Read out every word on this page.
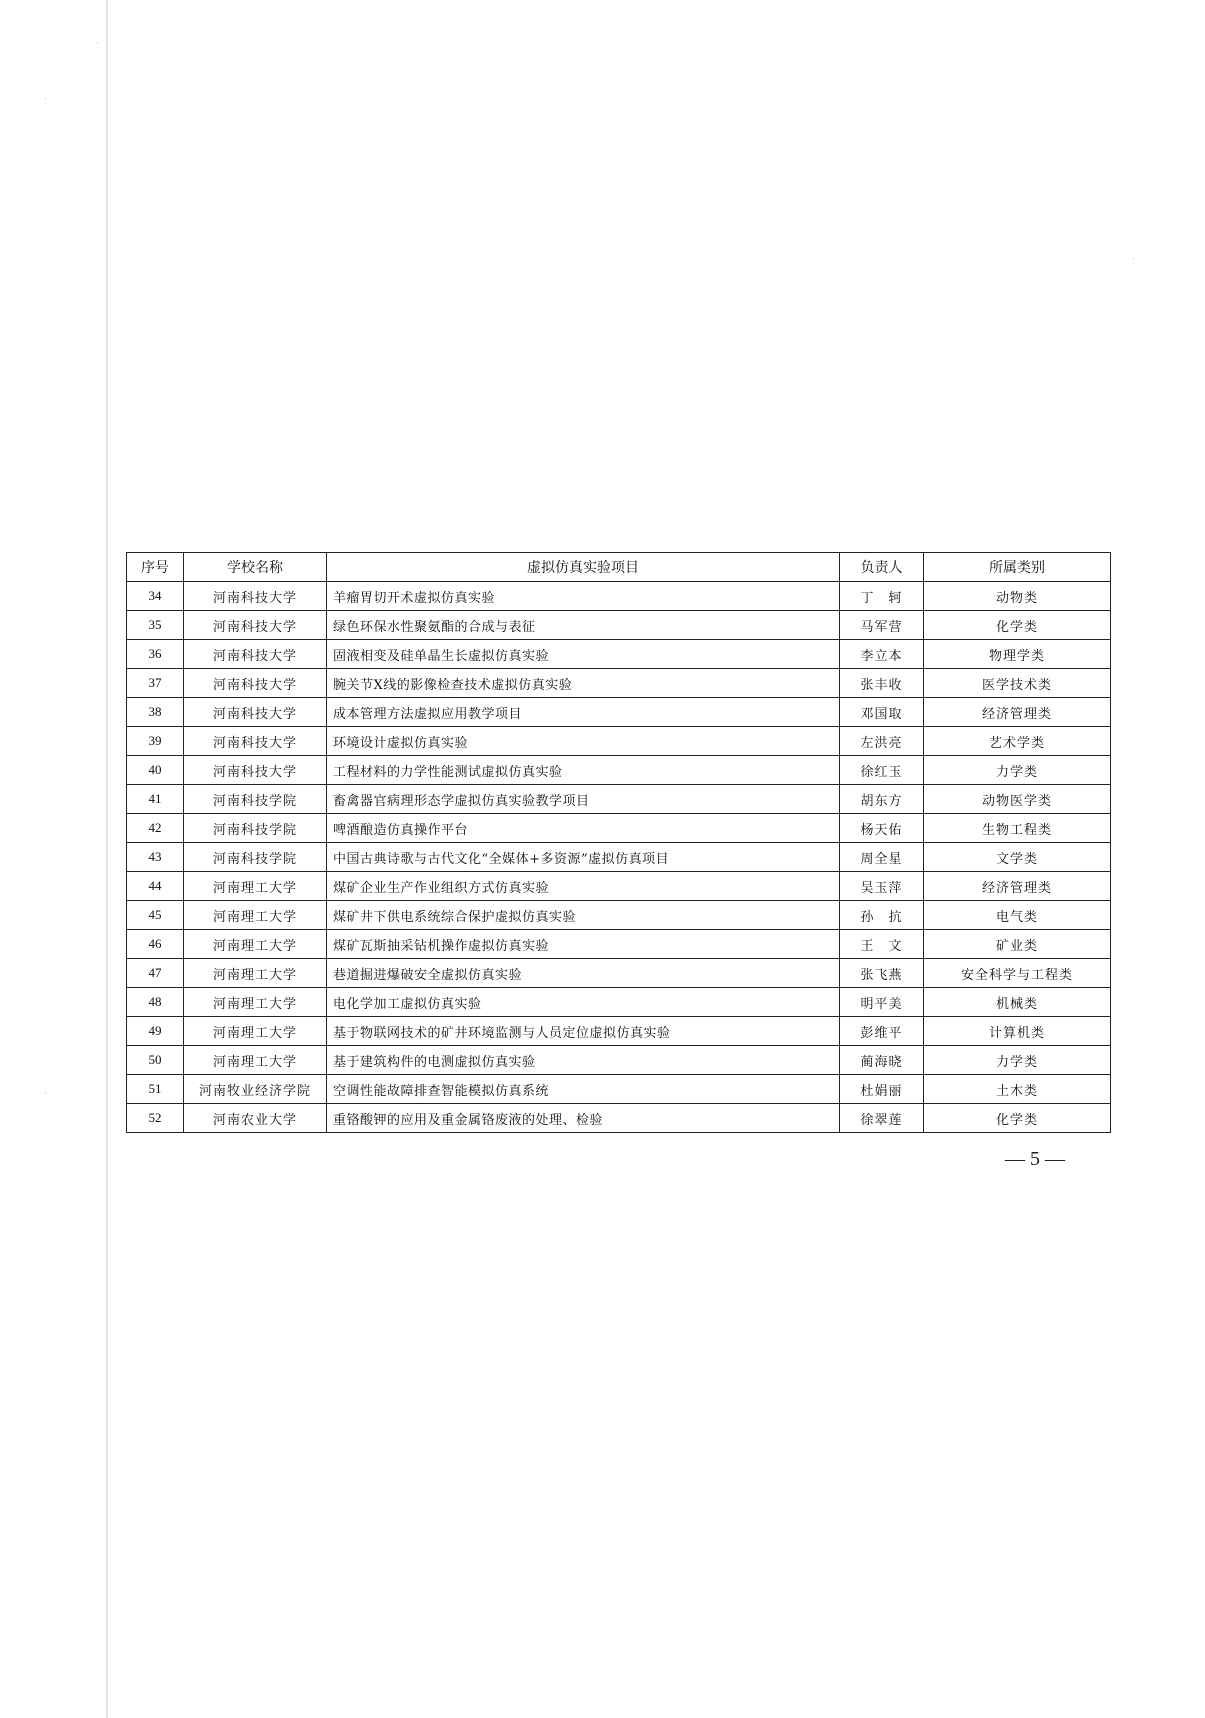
·
·
·
·
序号	学校名称	虚拟仿真实验项目	负责人	所属类别
34	河南科技大学	羊瘤胃切开术虚拟仿真实验	丁　轲	动物类
35	河南科技大学	绿色环保水性聚氨酯的合成与表征	马军营	化学类
36	河南科技大学	固液相变及硅单晶生长虚拟仿真实验	李立本	物理学类
37	河南科技大学	腕关节X线的影像检查技术虚拟仿真实验	张丰收	医学技术类
38	河南科技大学	成本管理方法虚拟应用教学项目	邓国取	经济管理类
39	河南科技大学	环境设计虚拟仿真实验	左洪亮	艺术学类
40	河南科技大学	工程材料的力学性能测试虚拟仿真实验	徐红玉	力学类
41	河南科技学院	畜禽器官病理形态学虚拟仿真实验教学项目	胡东方	动物医学类
42	河南科技学院	啤酒酿造仿真操作平台	杨天佑	生物工程类
43	河南科技学院	中国古典诗歌与古代文化“全媒体+多资源”虚拟仿真项目	周全星	文学类
44	河南理工大学	煤矿企业生产作业组织方式仿真实验	吴玉萍	经济管理类
45	河南理工大学	煤矿井下供电系统综合保护虚拟仿真实验	孙　抗	电气类
46	河南理工大学	煤矿瓦斯抽采钻机操作虚拟仿真实验	王　文	矿业类
47	河南理工大学	巷道掘进爆破安全虚拟仿真实验	张飞燕	安全科学与工程类
48	河南理工大学	电化学加工虚拟仿真实验	明平美	机械类
49	河南理工大学	基于物联网技术的矿井环境监测与人员定位虚拟仿真实验	彭维平	计算机类
50	河南理工大学	基于建筑构件的电测虚拟仿真实验	蔺海晓	力学类
51	河南牧业经济学院	空调性能故障排查智能模拟仿真系统	杜娟丽	土木类
52	河南农业大学	重铬酸钾的应用及重金属铬废液的处理、检验	徐翠莲	化学类
— 5 —
